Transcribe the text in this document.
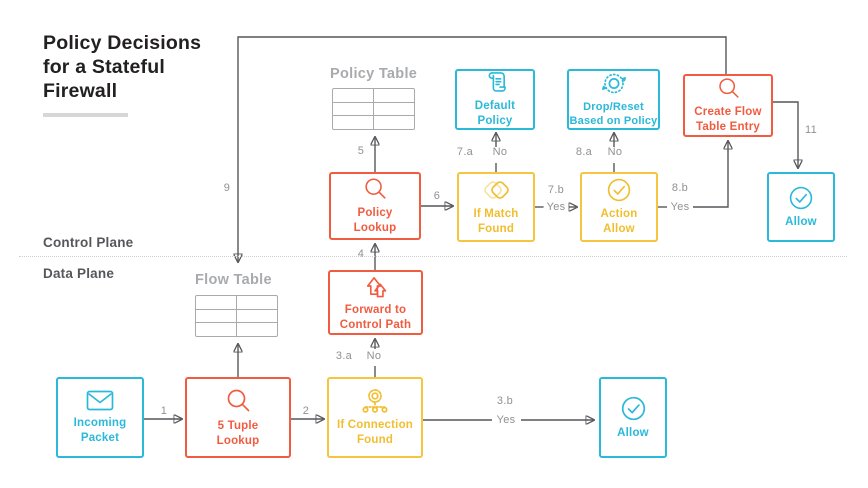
Policy Decisions
for a Stateful
Firewall
Control Plane
Data Plane
Policy Table
Flow Table
Incoming Packet
5 Tuple Lookup
If Connection Found
Allow
Forward to Control Path
Policy Lookup
If Match Found
Action Allow
Allow
Default Policy
Drop/Reset Based on Policy
Create Flow Table Entry
1	2
3.b
Yes
3.a No
4
5
6
7.a No
7.b
Yes
8.a No
8.b
Yes
9
11
